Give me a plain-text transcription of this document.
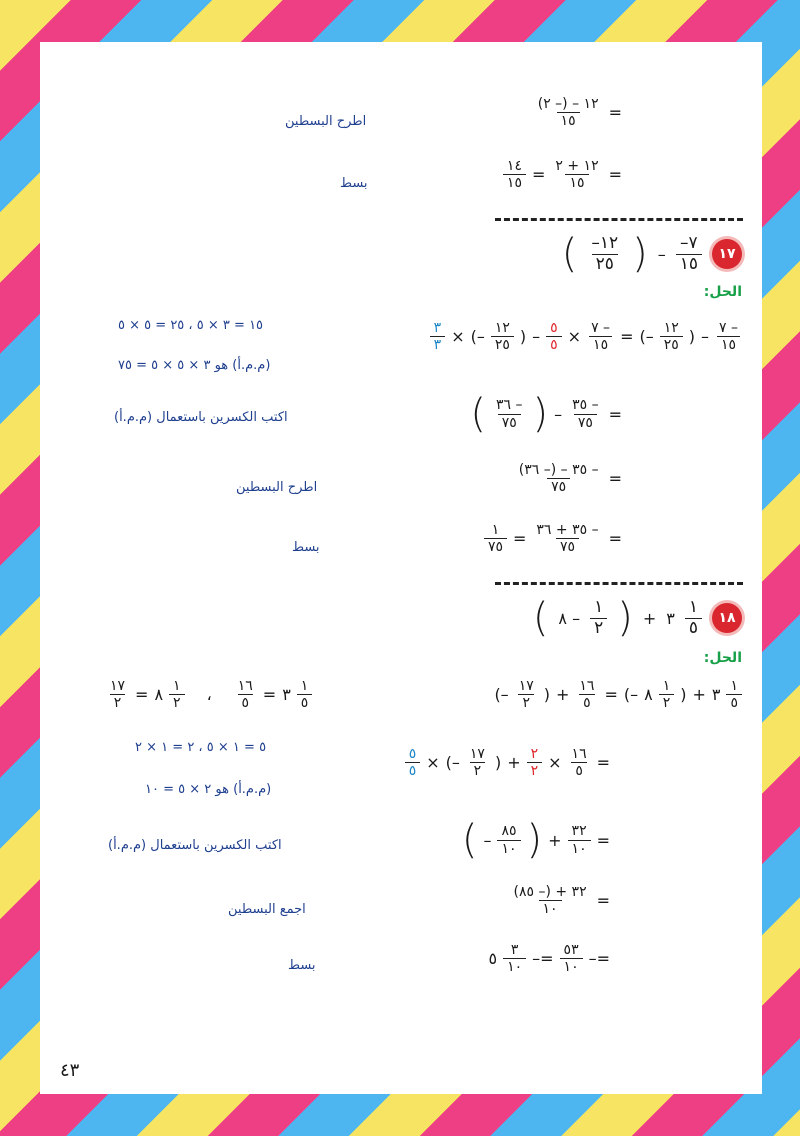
اطرح البسطين	=
$\frac{١٢ - (- ٢)}{١٥}$
بسط	=
$\frac{١٢ + ٢}{١٥}$
=
$\frac{١٤}{١٥}$
١٧
$\frac{٧-}{١٥}$
–
(
$\frac{١٢-}{٢٥}$
)
الحل:
١٥ = ٣ × ٥ ، ٢٥ = ٥ × ٥
(م.م.أ) هو ٣ × ٥ × ٥ = ٧٥
$\frac{- ٧}{١٥}$
–
(
$\frac{١٢}{٢٥}$
–)
=
$\frac{- ٧}{١٥}$
×
$\frac{٥}{٥}$
–
(
$\frac{١٢}{٢٥}$
–)
×
$\frac{٣}{٣}$
اكتب الكسرين باستعمال (م.م.أ)	=
$\frac{- ٣٥}{٧٥}$
–
(
$\frac{- ٣٦}{٧٥}$
)
اطرح البسطين	=
$\frac{- ٣٥ - (- ٣٦)}{٧٥}$
بسط	=
$\frac{- ٣٥ + ٣٦}{٧٥}$
=
$\frac{١}{٧٥}$
١٨
$\frac{١}{٥}$
٣
+
(
$\frac{١}{٢}$
– ٨
)
الحل:
$\frac{١٧}{٢}$ = ٨ $\frac{١}{٢}$ ، $\frac{١٦}{٥}$ = ٣ $\frac{١}{٥}$	$\frac{١}{٥}$
٣
+
(
$\frac{١}{٢}$
٨
–)
=
$\frac{١٦}{٥}$
+
(
$\frac{١٧}{٢}$
–)
٥ = ١ × ٥ ، ٢ = ١ × ٢
(م.م.أ) هو ٢ × ٥ = ١٠
=
$\frac{١٦}{٥}$
×
$\frac{٢}{٢}$
+
(
$\frac{١٧}{٢}$
–)
×
$\frac{٥}{٥}$
اكتب الكسرين باستعمال (م.م.أ)	=
$\frac{٣٢}{١٠}$
+
(
$\frac{٨٥}{١٠}$
–
)
اجمع البسطين	=
$\frac{٣٢ + (- ٨٥)}{١٠}$
بسط	=–
$\frac{٥٣}{١٠}$
=–
$\frac{٣}{١٠}$
٥
٤٣
